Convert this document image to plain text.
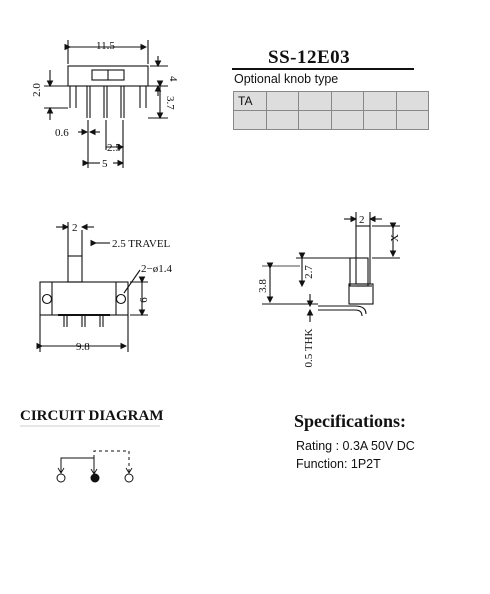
11.5
4
2.0
3.7
0.6
2.5
5
2
2.5 TRAVEL
2−ø1.4
6
9.8
2
X
2.7
3.8
0.5 THK
SS-12E03
Optional knob type
TA					

CIRCUIT DIAGRAM	Specifications:
Rating : 0.3A 50V DC
Function: 1P2T
